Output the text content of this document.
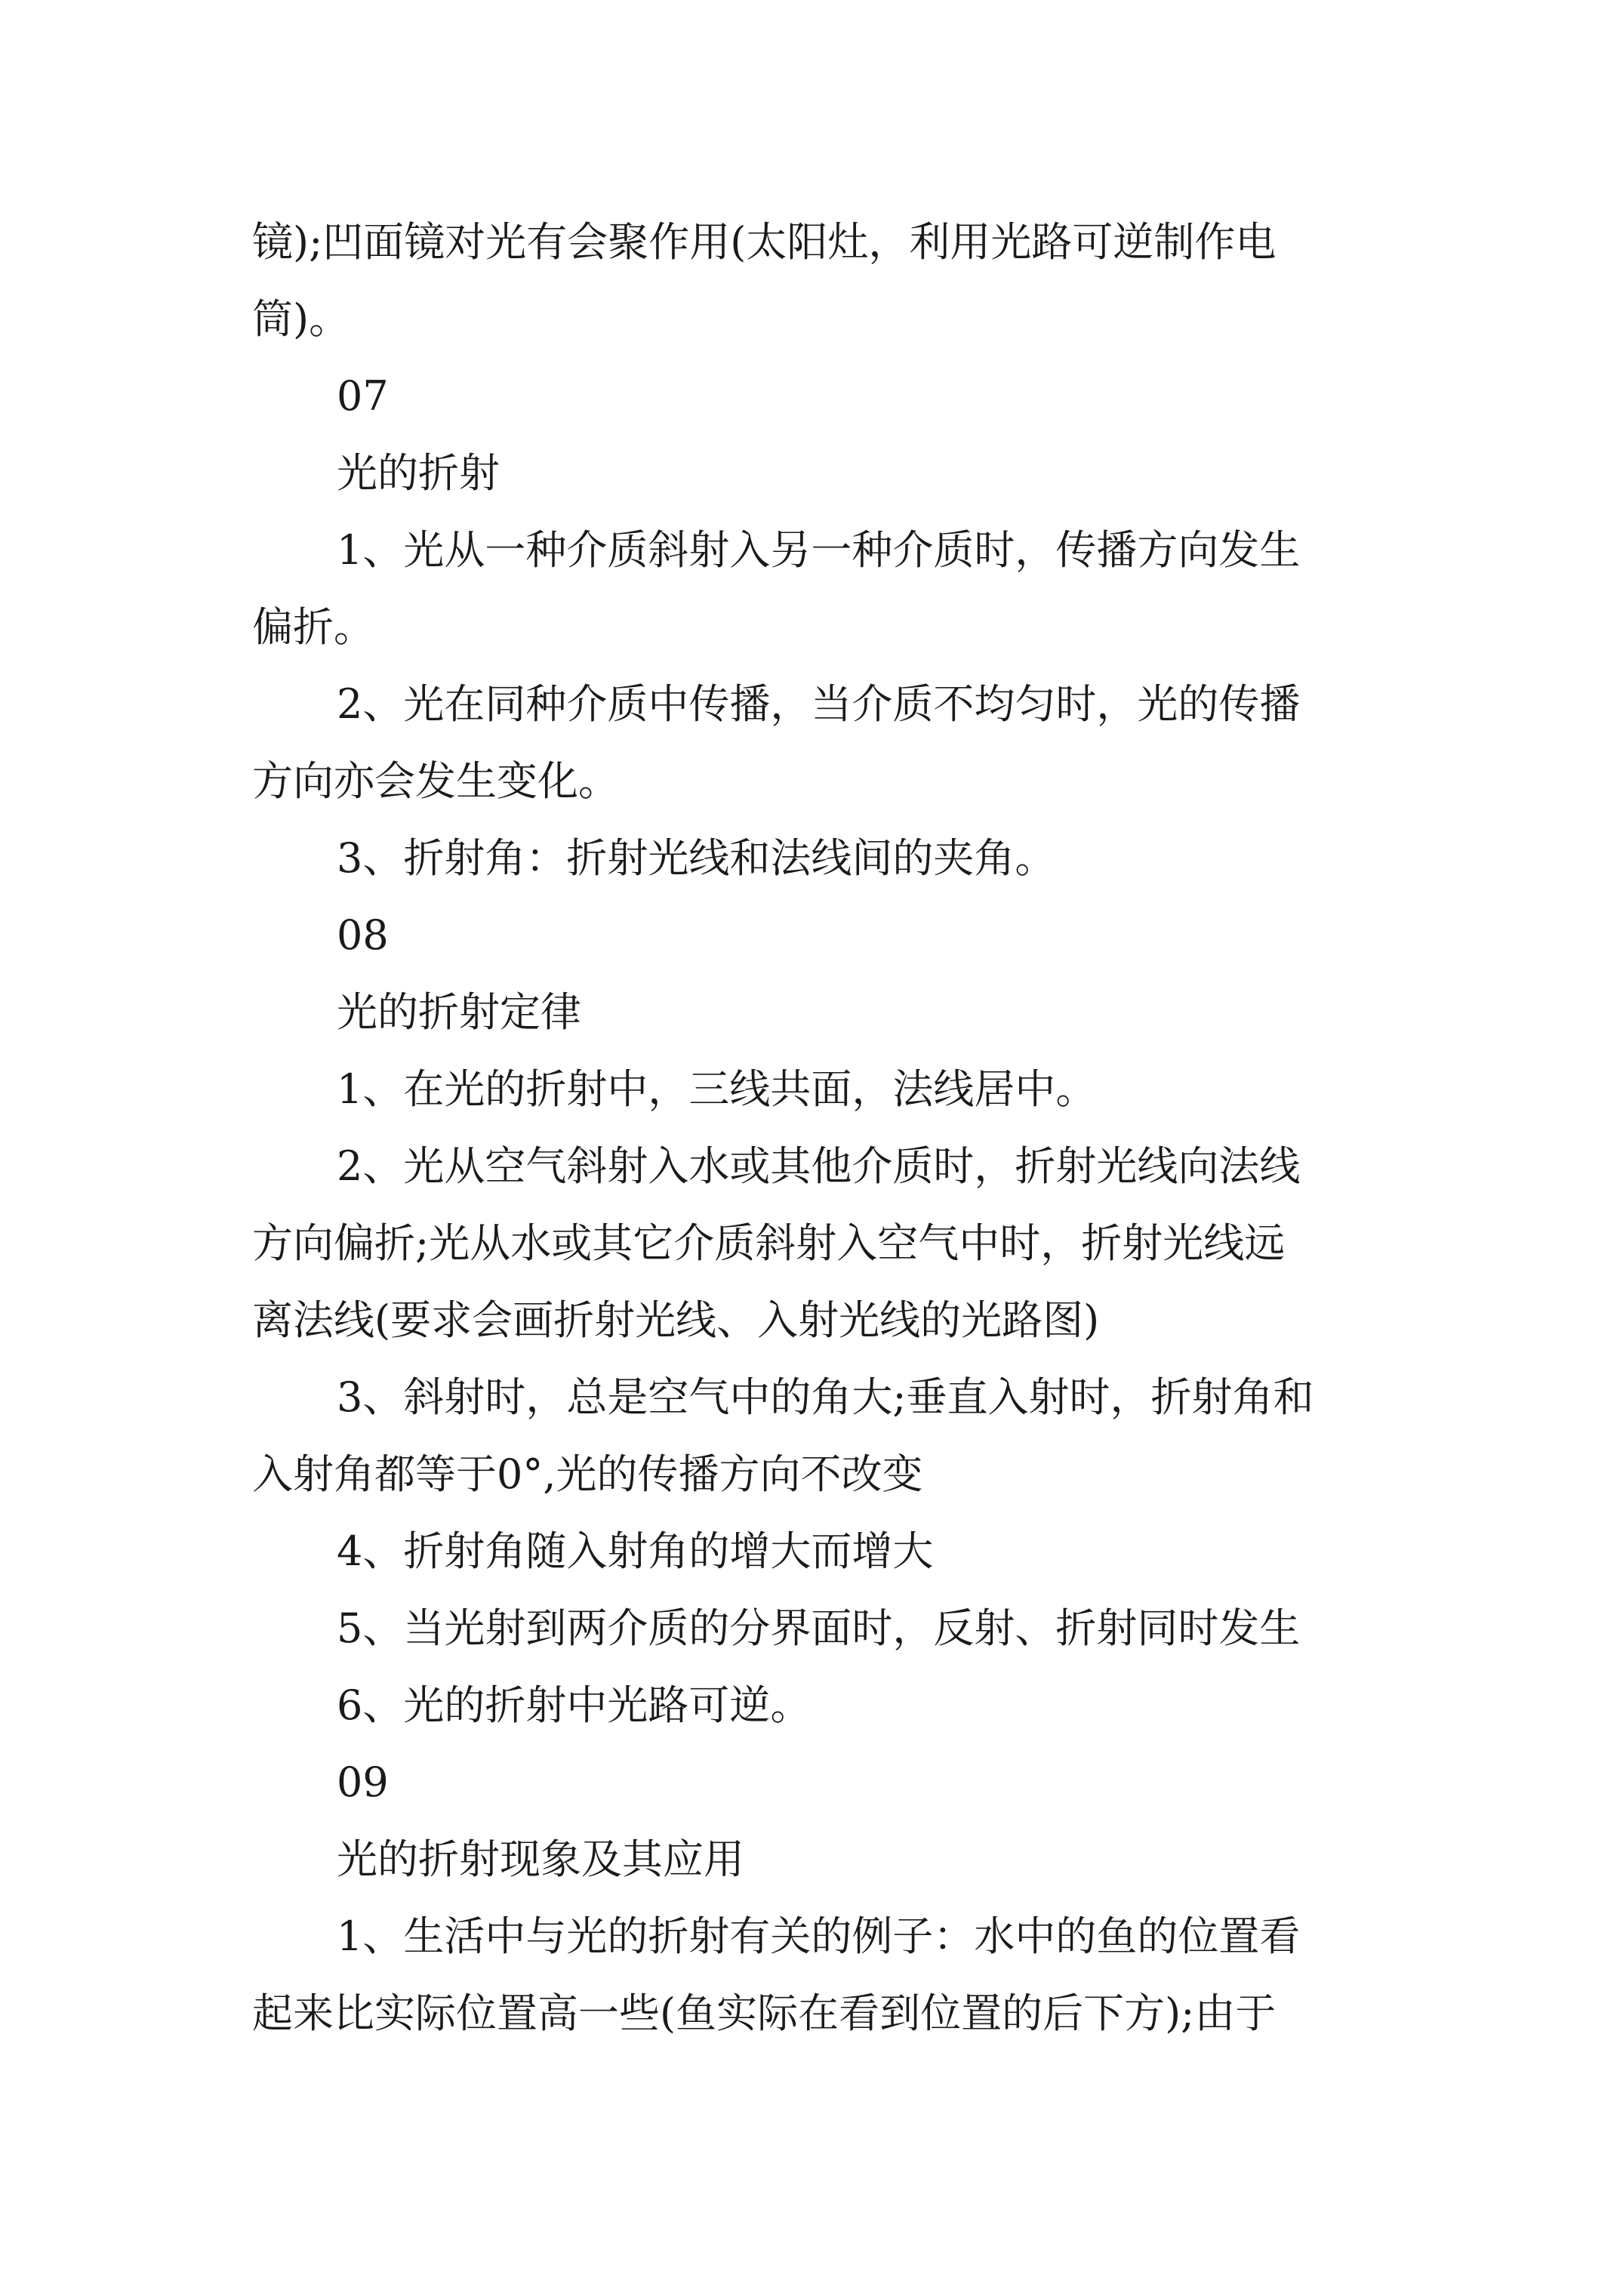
镜);凹面镜对光有会聚作用(太阳灶，利用光路可逆制作电

筒)。

07

光的折射

1、光从一种介质斜射入另一种介质时，传播方向发生

偏折。

2、光在同种介质中传播，当介质不均匀时，光的传播

方向亦会发生变化。

3、折射角：折射光线和法线间的夹角。

08

光的折射定律

1、在光的折射中，三线共面，法线居中。

2、光从空气斜射入水或其他介质时，折射光线向法线

方向偏折;光从水或其它介质斜射入空气中时，折射光线远

离法线(要求会画折射光线、入射光线的光路图)

3、斜射时，总是空气中的角大;垂直入射时，折射角和

入射角都等于0°,光的传播方向不改变

4、折射角随入射角的增大而增大

5、当光射到两介质的分界面时，反射、折射同时发生

6、光的折射中光路可逆。

09

光的折射现象及其应用

1、生活中与光的折射有关的例子：水中的鱼的位置看

起来比实际位置高一些(鱼实际在看到位置的后下方);由于
